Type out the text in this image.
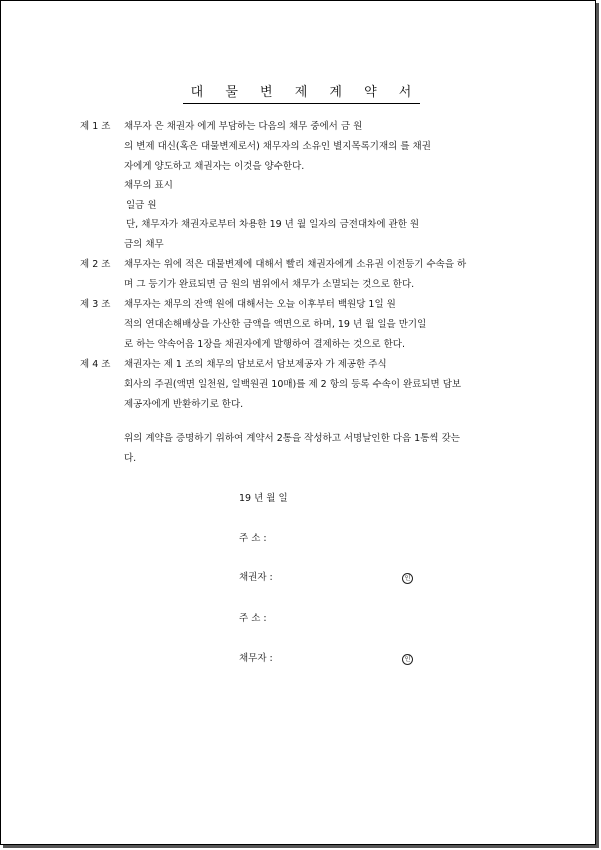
대 물 변 제 계 약 서
제 1 조 채무자 은 채권자 에게 부담하는 다음의 채무 중에서 금 원
의 변제 대신(혹은 대물변제로서) 채무자의 소유인 별지목록기재의 를 채권
자에게 양도하고 채권자는 이것을 양수한다.
채무의 표시
일금 원
단, 채무자가 채권자로부터 차용한 19 년 월 일자의 금전대차에 관한 원
금의 채무
제 2 조 채무자는 위에 적은 대물변제에 대해서 빨리 채권자에게 소유권 이전등기 수속을 하
며 그 등기가 완료되면 금 원의 범위에서 채무가 소멸되는 것으로 한다.
제 3 조 채무자는 채무의 잔액 원에 대해서는 오늘 이후부터 백원당 1일 원
적의 연대손해배상을 가산한 금액을 액면으로 하며, 19 년 월 일을 만기일
로 하는 약속어음 1장을 채권자에게 발행하여 결제하는 것으로 한다.
제 4 조 채권자는 제 1 조의 채무의 담보로서 담보제공자 가 제공한 주식
회사의 주권(액면 일천원, 일백원권 10매)를 제 2 항의 등록 수속이 완료되면 담보
제공자에게 반환하기로 한다.
위의 계약을 증명하기 위하여 계약서 2통을 작성하고 서명날인한 다음 1통씩 갖는
다.
19 년 월 일
주 소 :
채권자 :	인
주 소 :
채무자 :	인
